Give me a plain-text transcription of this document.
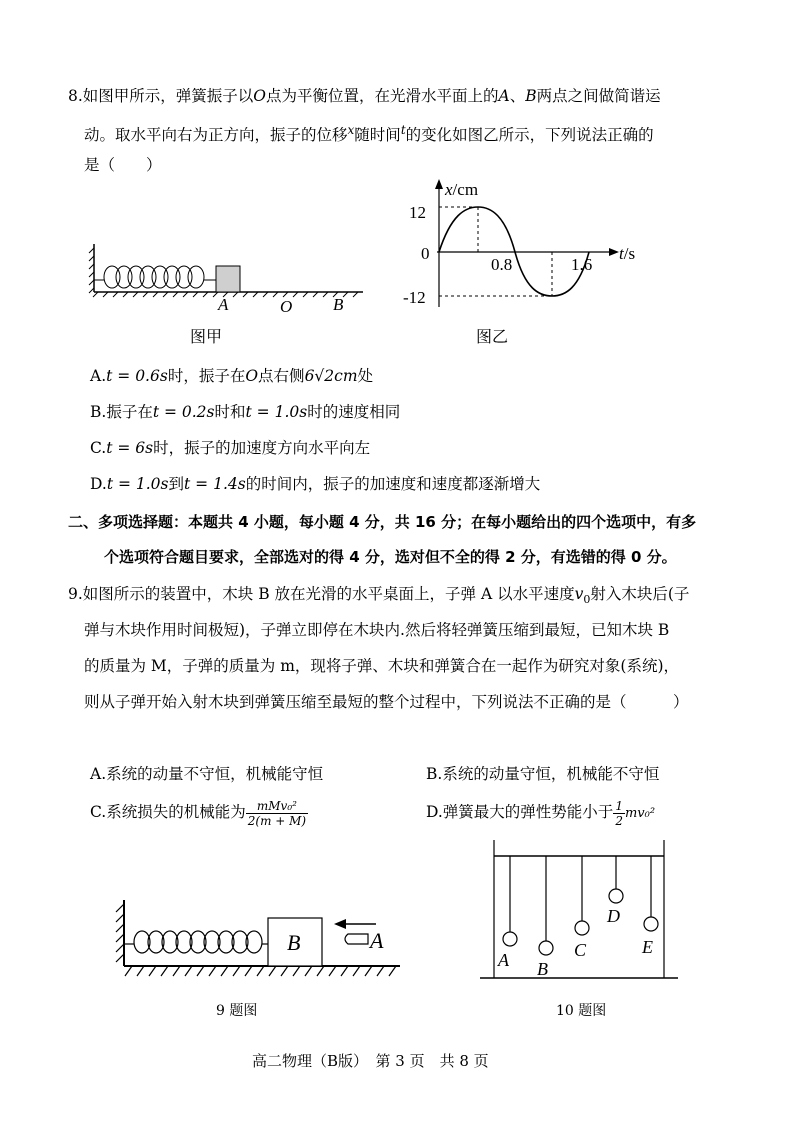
8.如图甲所示，弹簧振子以O点为平衡位置，在光滑水平面上的A、B两点之间做简谐运
动。取水平向右为正方向，振子的位移$^x$随时间$^t$的变化如图乙所示，下列说法正确的
是（　　）
A	O B
图甲
x/cm
t/s
12
0
-12
0.8	1.6
图乙
A.t = 0.6s时，振子在O点右侧6√2cm处
B.振子在t = 0.2s时和t = 1.0s时的速度相同
C.t = 6s时，振子的加速度方向水平向左
D.t = 1.0s到t = 1.4s的时间内，振子的加速度和速度都逐渐增大
二、多项选择题：本题共 4 小题，每小题 4 分，共 16 分；在每小题给出的四个选项中，有多
个选项符合题目要求，全部选对的得 4 分，选对但不全的得 2 分，有选错的得 0 分。
9.如图所示的装置中，木块 B 放在光滑的水平桌面上，子弹 A 以水平速度$v_0$射入木块后(子
弹与木块作用时间极短)，子弹立即停在木块内.然后将轻弹簧压缩到最短，已知木块 B
的质量为 M，子弹的质量为 m，现将子弹、木块和弹簧合在一起作为研究对象(系统)，
则从子弹开始入射木块到弹簧压缩至最短的整个过程中，下列说法不正确的是（　　　）
A.系统的动量不守恒，机械能守恒	B.系统的动量守恒，机械能不守恒
C.系统损失的机械能为 $\frac{\text{mMv₀²}}{2(m + M)}$	D.弹簧最大的弹性势能小于 $\frac{1}{2} mv_0^2$
B	A
9 题图
A B
C
D
E
10 题图
高二物理（B版）　第 3 页　共 8 页
